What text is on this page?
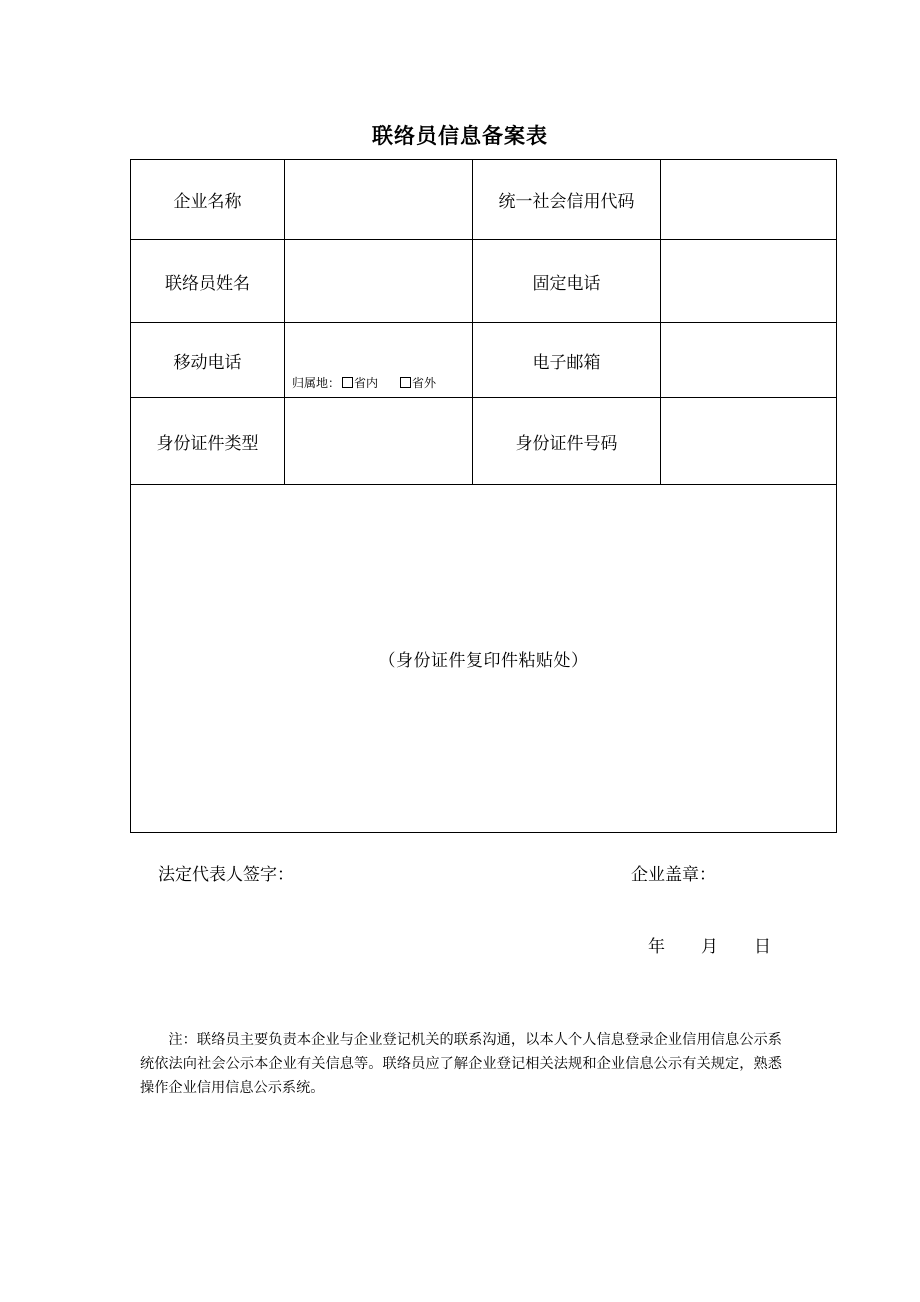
联络员信息备案表
企业名称		统一社会信用代码	
联络员姓名		固定电话	
移动电话	归属地： 省内 省外	电子邮箱	
身份证件类型		身份证件号码	
（身份证件复印件粘贴处）			
法定代表人签字：	企业盖章：
年 月 日

注：联络员主要负责本企业与企业登记机关的联系沟通，以本人个人信息登录企业信用信息公示系统依法向社会公示本企业有关信息等。联络员应了解企业登记相关法规和企业信息公示有关规定，熟悉操作企业信用信息公示系统。
